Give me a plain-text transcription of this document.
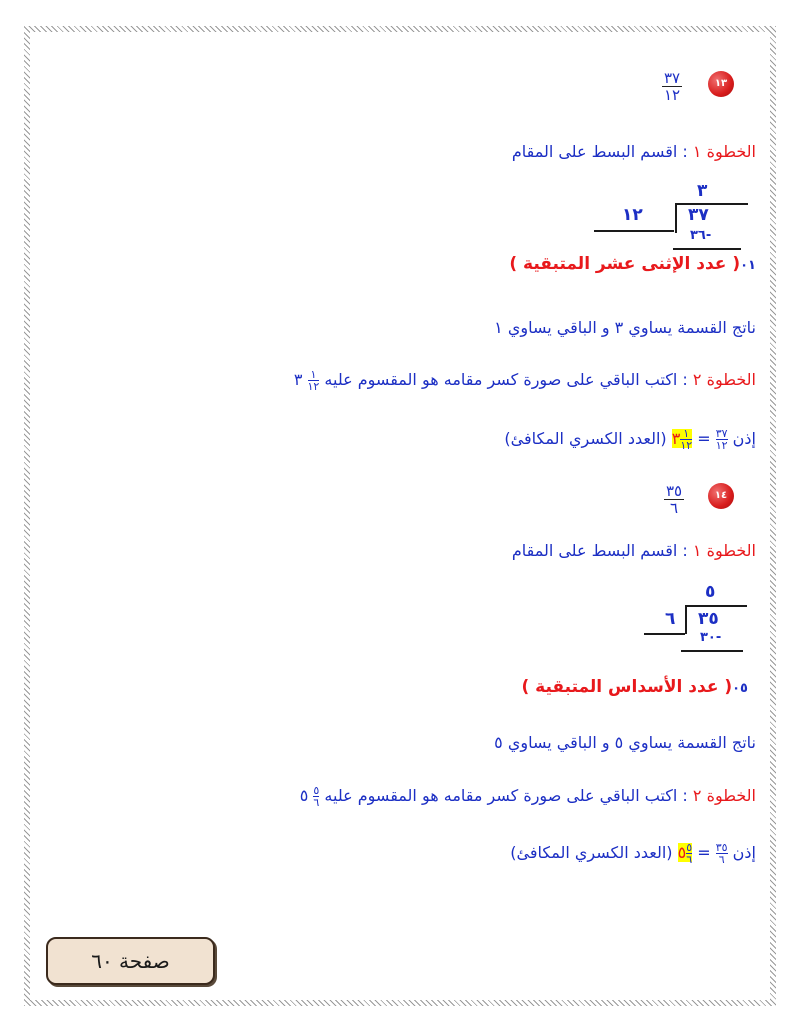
١٣
٣٧
١٢
الخطوة ١ : اقسم البسط على المقام
٣
١٢	٣٧
٣٦-
٠١( عدد الإثنى عشر المتبقية )
ناتج القسمة يساوي ٣ و الباقي يساوي ١
الخطوة ٢ : اكتب الباقي على صورة كسر مقامه هو المقسوم عليه
$\frac{١}{١٢}$
٣
إذن
$\frac{٣٧}{١٢}$
=
$\frac{١}{١٢}$
٣ (العدد الكسري المكافئ)
١٤
٣٥
٦
الخطوة ١ : اقسم البسط على المقام
٥
٦ ٣٥
٣٠-
٠٥( عدد الأسداس المتبقية )
ناتج القسمة يساوي ٥ و الباقي يساوي ٥
الخطوة ٢ : اكتب الباقي على صورة كسر مقامه هو المقسوم عليه
$\frac{٥}{٦}$
٥
إذن
$\frac{٣٥}{٦}$
=
$\frac{٥}{٦}$
٥ (العدد الكسري المكافئ)
صفحة ٦٠
